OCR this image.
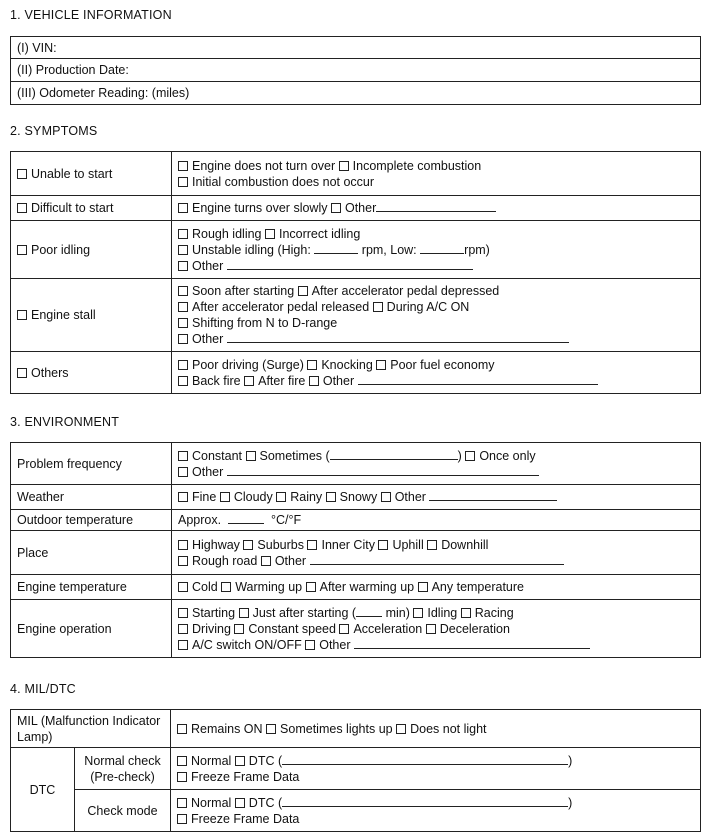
1. VEHICLE INFORMATION
(I) VIN:
(II) Production Date:
(III) Odometer Reading: (miles)
2. SYMPTOMS
Unable to start	Engine does not turn over Incomplete combustion
Initial combustion does not occur

Difficult to start	Engine turns over slowly Other
Poor idling	Rough idling Incorrect idling
Unstable idling (High: rpm, Low: rpm)
Other

Engine stall	Soon after starting After accelerator pedal depressed
After accelerator pedal released During A/C ON
Shifting from N to D-range
Other

Others	Poor driving (Surge) Knocking Poor fuel economy
Back fire After fire Other
3. ENVIRONMENT
Problem frequency	Constant Sometimes ( ) Once only
Other

Weather	Fine Cloudy Rainy Snowy Other
Outdoor temperature	Approx. °C/°F
Place	Highway Suburbs Inner City Uphill Downhill
Rough road Other

Engine temperature	Cold Warming up After warming up Any temperature
Engine operation	Starting Just after starting ( min) Idling Racing
Driving Constant speed Acceleration Deceleration
A/C switch ON/OFF Other
4. MIL/DTC
MIL (Malfunction Indicator Lamp)		Remains ON Sometimes lights up Does not light
DTC	Normal check (Pre-check)	Normal DTC ( )
Freeze Frame Data

	Check mode	Normal DTC ( )
Freeze Frame Data
